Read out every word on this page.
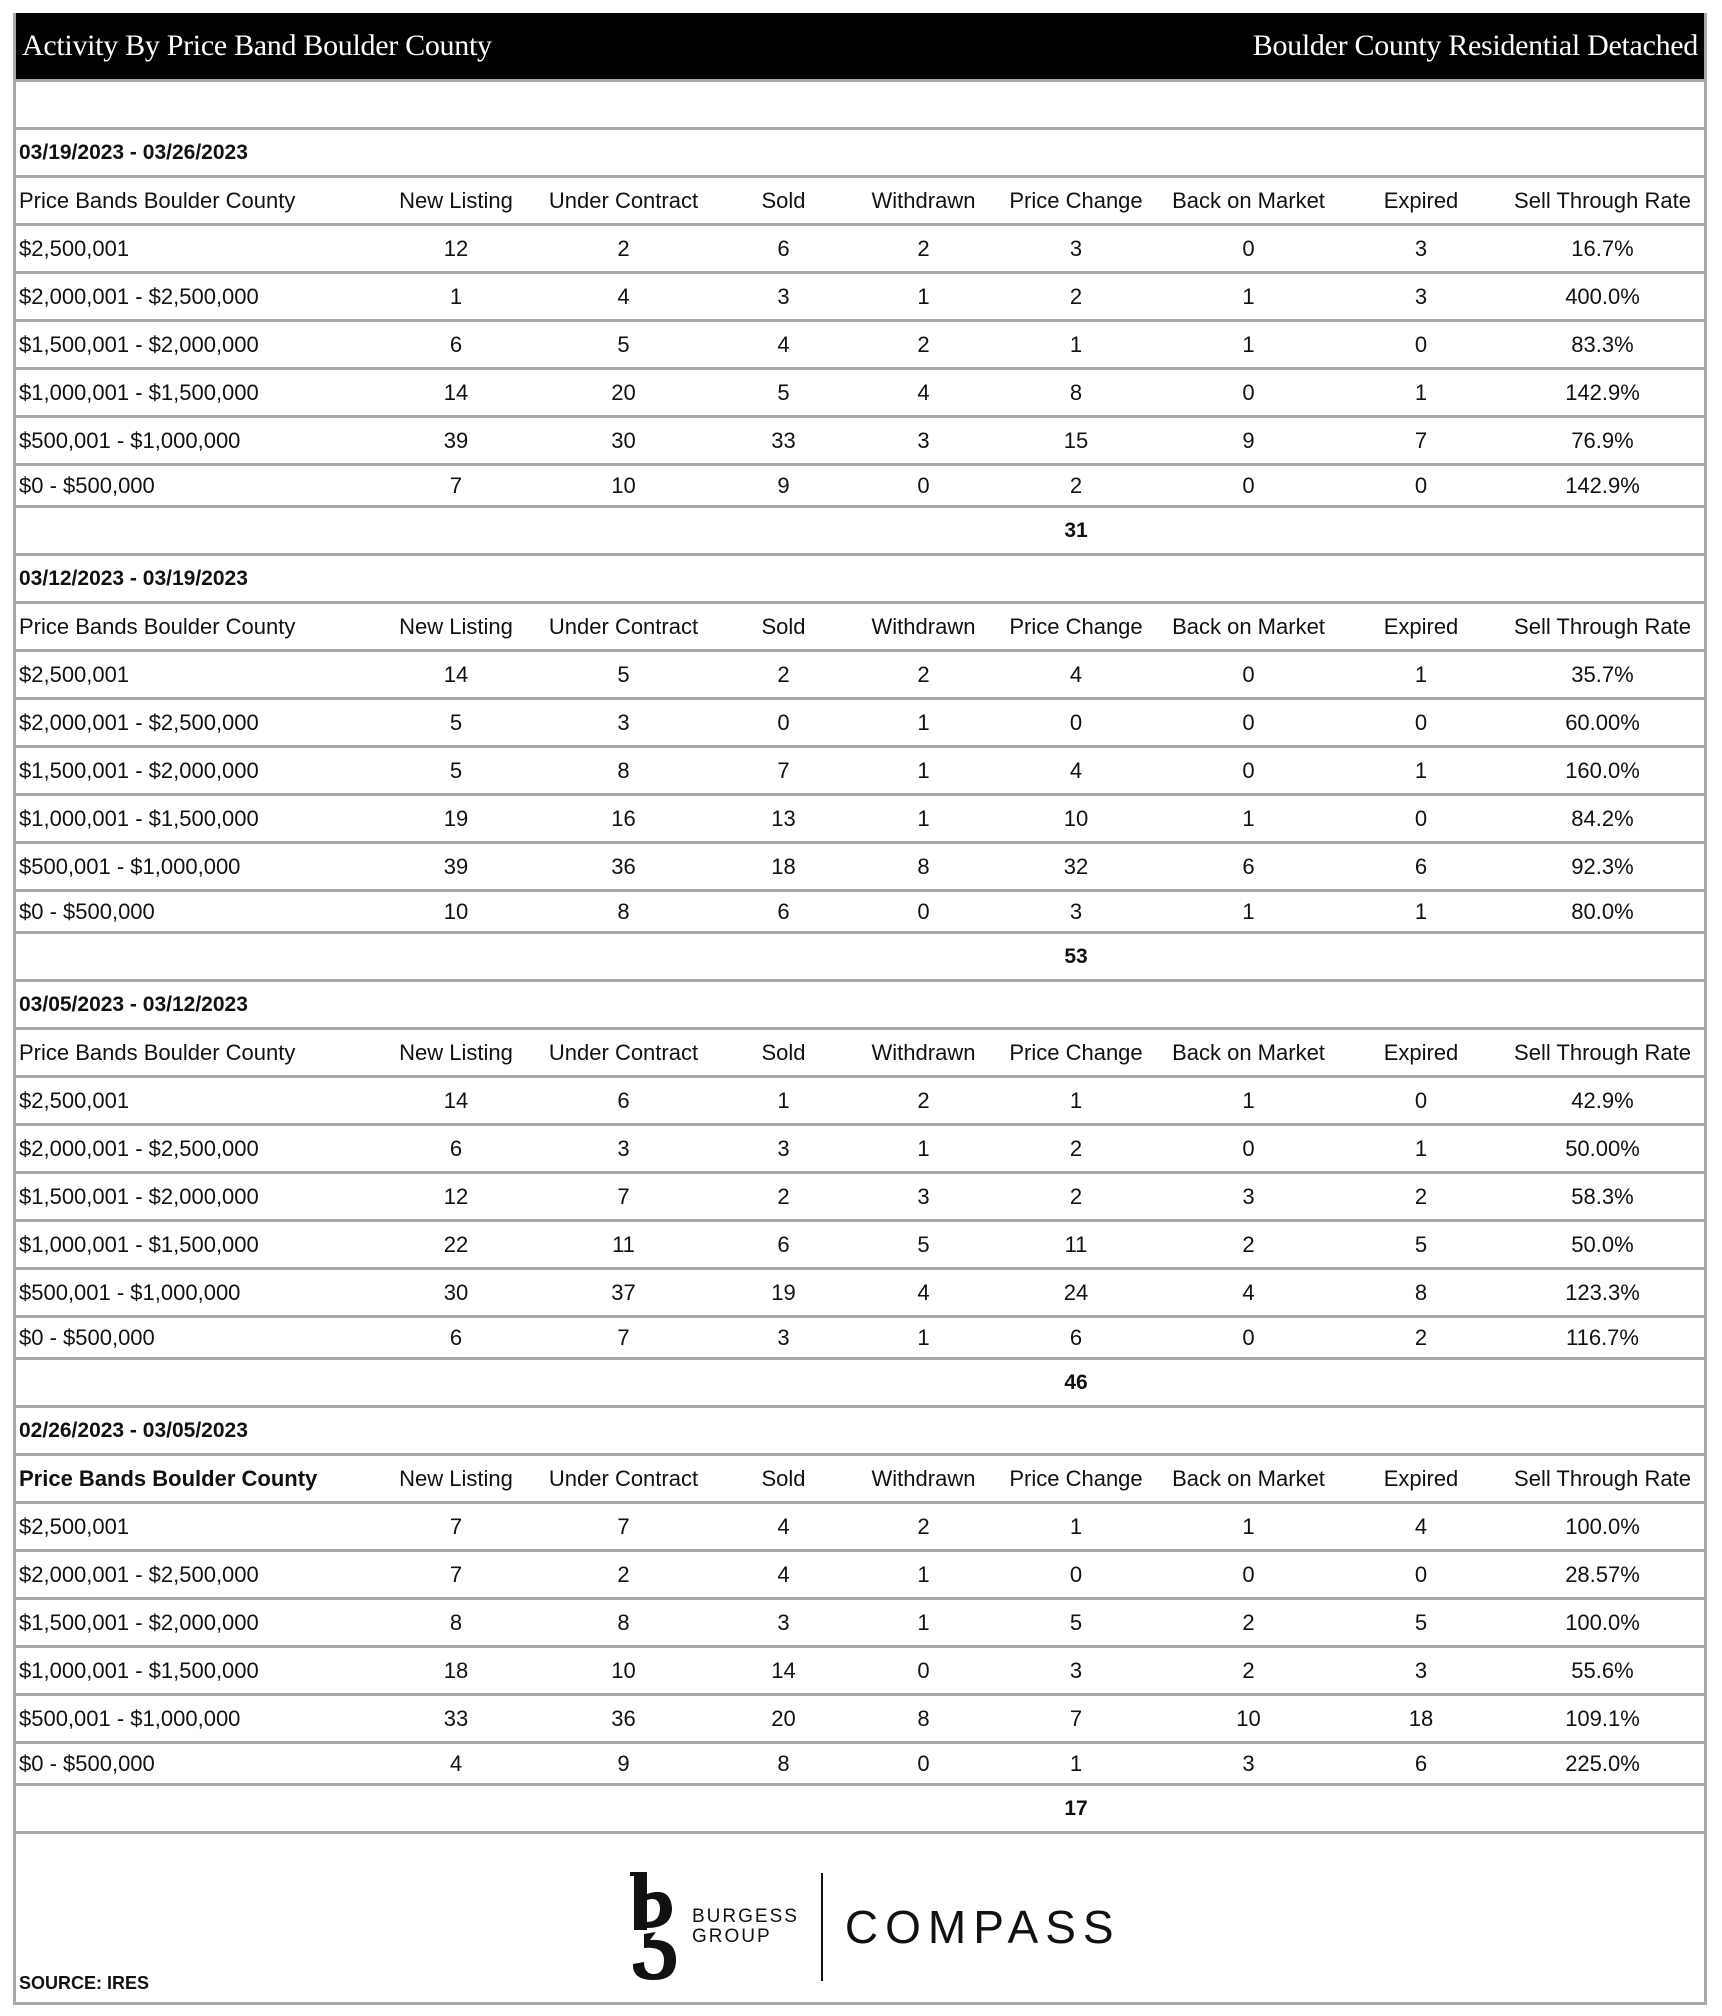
Activity By Price Band Boulder County	Boulder County Residential Detached
03/19/2023 - 03/26/2023
Price Bands Boulder County	New Listing	Under Contract	Sold	Withdrawn	Price Change	Back on Market	Expired	Sell Through Rate
$2,500,001	12	2	6	2	3	0	3	16.7%
$2,000,001 - $2,500,000	1	4	3	1	2	1	3	400.0%
$1,500,001 - $2,000,000	6	5	4	2	1	1	0	83.3%
$1,000,001 - $1,500,000	14	20	5	4	8	0	1	142.9%
$500,001 - $1,000,000	39	30	33	3	15	9	7	76.9%
$0 - $500,000	7	10	9	0	2	0	0	142.9%
31
03/12/2023 - 03/19/2023
Price Bands Boulder County	New Listing	Under Contract	Sold	Withdrawn	Price Change	Back on Market	Expired	Sell Through Rate
$2,500,001	14	5	2	2	4	0	1	35.7%
$2,000,001 - $2,500,000	5	3	0	1	0	0	0	60.00%
$1,500,001 - $2,000,000	5	8	7	1	4	0	1	160.0%
$1,000,001 - $1,500,000	19	16	13	1	10	1	0	84.2%
$500,001 - $1,000,000	39	36	18	8	32	6	6	92.3%
$0 - $500,000	10	8	6	0	3	1	1	80.0%
53
03/05/2023 - 03/12/2023
Price Bands Boulder County	New Listing	Under Contract	Sold	Withdrawn	Price Change	Back on Market	Expired	Sell Through Rate
$2,500,001	14	6	1	2	1	1	0	42.9%
$2,000,001 - $2,500,000	6	3	3	1	2	0	1	50.00%
$1,500,001 - $2,000,000	12	7	2	3	2	3	2	58.3%
$1,000,001 - $1,500,000	22	11	6	5	11	2	5	50.0%
$500,001 - $1,000,000	30	37	19	4	24	4	8	123.3%
$0 - $500,000	6	7	3	1	6	0	2	116.7%
46
02/26/2023 - 03/05/2023
Price Bands Boulder County	New Listing	Under Contract	Sold	Withdrawn	Price Change	Back on Market	Expired	Sell Through Rate
$2,500,001	7	7	4	2	1	1	4	100.0%
$2,000,001 - $2,500,000	7	2	4	1	0	0	0	28.57%
$1,500,001 - $2,000,000	8	8	3	1	5	2	5	100.0%
$1,000,001 - $1,500,000	18	10	14	0	3	2	3	55.6%
$500,001 - $1,000,000	33	36	20	8	7	10	18	109.1%
$0 - $500,000	4	9	8	0	1	3	6	225.0%
17
BURGESS
GROUP	COMPASS
SOURCE: IRES
